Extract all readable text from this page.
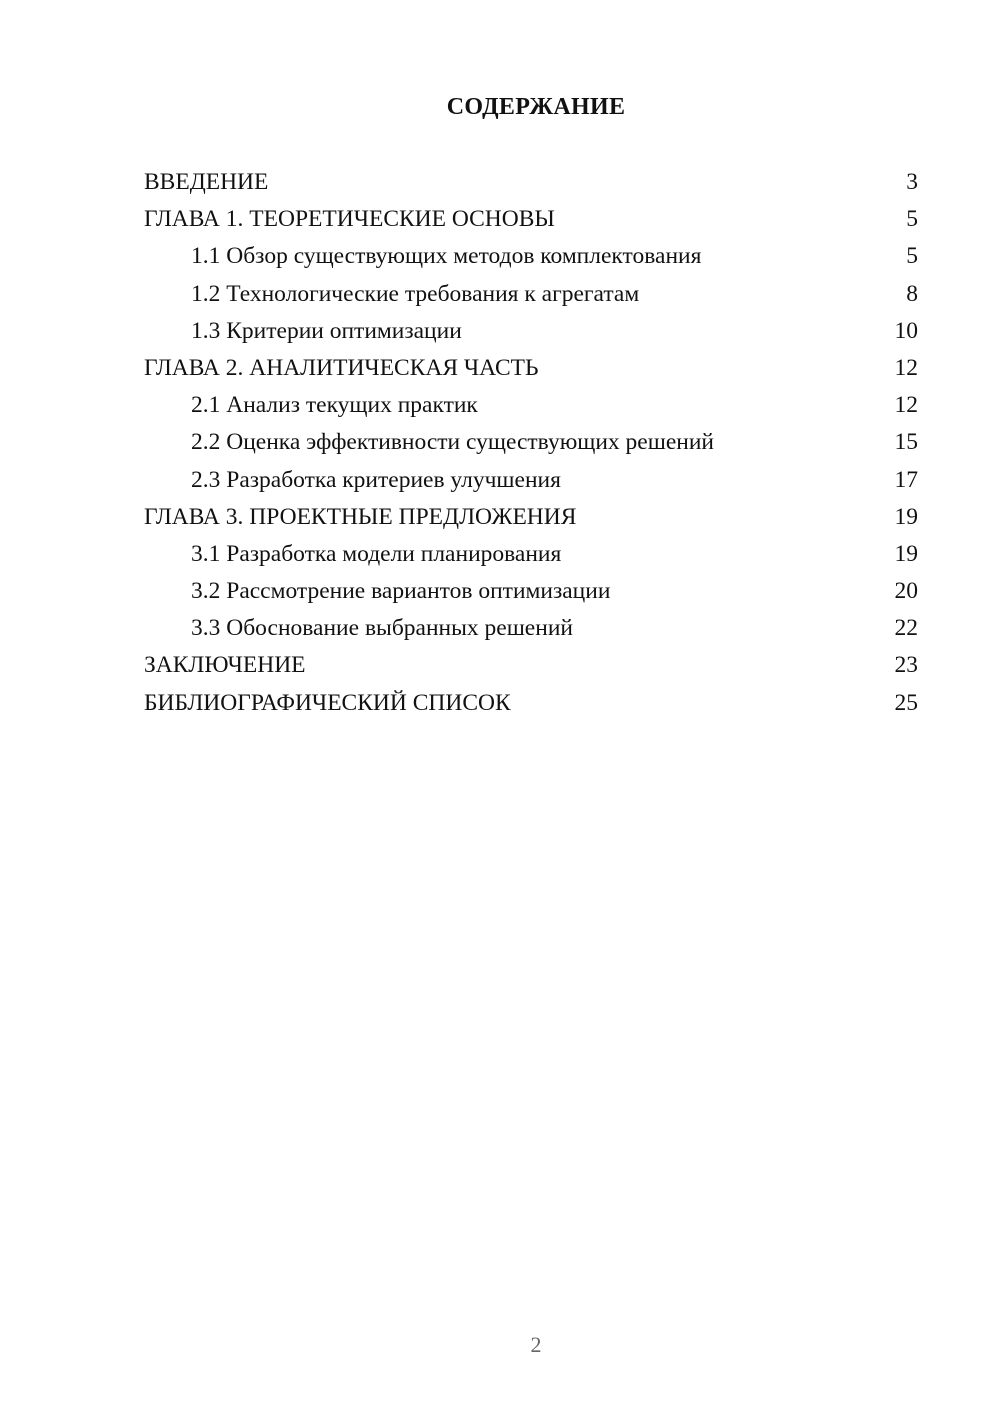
СОДЕРЖАНИЕ
ВВЕДЕНИЕ	3
ГЛАВА 1. ТЕОРЕТИЧЕСКИЕ ОСНОВЫ	5
1.1 Обзор существующих методов комплектования	5
1.2 Технологические требования к агрегатам	8
1.3 Критерии оптимизации	10
ГЛАВА 2. АНАЛИТИЧЕСКАЯ ЧАСТЬ	12
2.1 Анализ текущих практик	12
2.2 Оценка эффективности существующих решений	15
2.3 Разработка критериев улучшения	17
ГЛАВА 3. ПРОЕКТНЫЕ ПРЕДЛОЖЕНИЯ	19
3.1 Разработка модели планирования	19
3.2 Рассмотрение вариантов оптимизации	20
3.3 Обоснование выбранных решений	22
ЗАКЛЮЧЕНИЕ	23
БИБЛИОГРАФИЧЕСКИЙ СПИСОК	25
2
